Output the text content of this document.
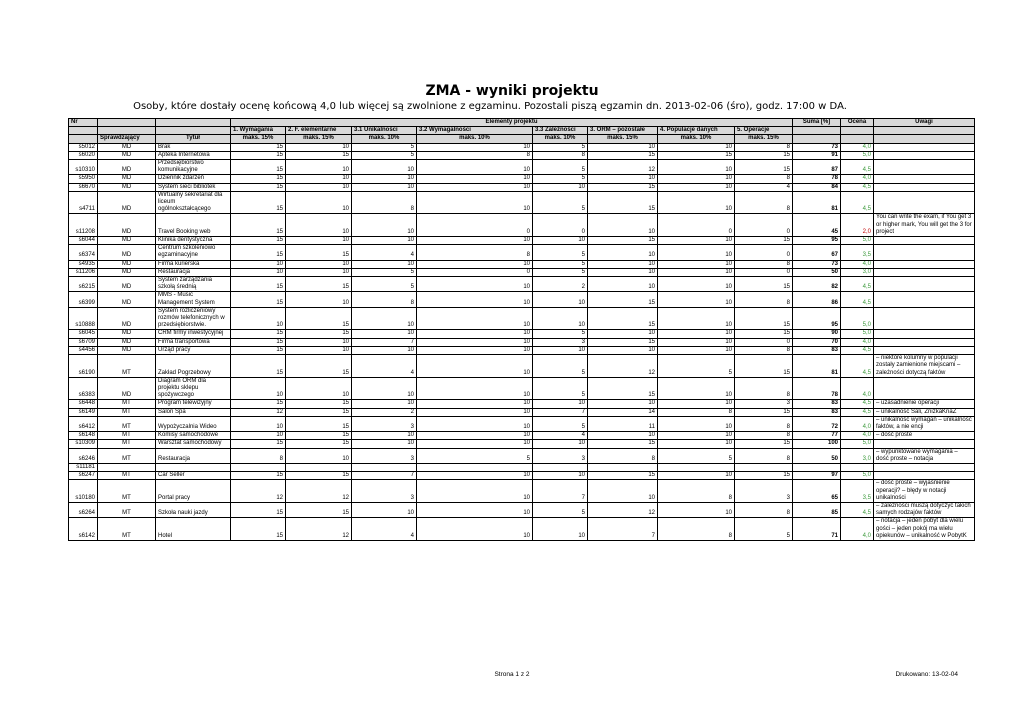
ZMA - wyniki projektu
Osoby, które dostały ocenę końcową 4,0 lub więcej są zwolnione z egzaminu. Pozostali piszą egzamin dn. 2013-02-06 (śro), godz. 17:00 w DA.
Nr			Elementy projektu								Suma [%]	Ocena	Uwagi
			1. Wymagania	2. F. elementarne	3.1 Unikalności	3.2 Wymagalności	3.3 Zależności	3. ORM – pozostałe	4. Populacje danych	5. Operacje			
	Sprawdzający	Tytuł	maks. 15%	maks. 15%	maks. 10%	maks. 10%	maks. 10%	maks. 15%	maks. 10%	maks. 15%			
s5012	MD	Brak	15	10	5	10	5	10	10	8	73	4,0	
s6020	MD	Apteka Internetowa	15	15	5	8	8	15	15	15	91	5,0	
s10310	MD	Przedsiębiorstwo komunikacyjne	15	10	10	10	5	12	10	15	87	4,5	
s5950	MD	Dziennik zdarzeń	15	10	10	10	5	10	10	8	78	4,0	
s6670	MD	System sieci bibliotek	15	10	10	10	10	15	10	4	84	4,5	
s4711	MD	Wirtualny sekretariat dla liceum ogólnokształcącego	15	10	8	10	5	15	10	8	81	4,5	
s11208	MD	Travel Booking web	15	10	10	0	0	10	0	0	45	2,0	You can write the exam, if You get 3 or higher mark, You will get the 3 for project
s6044	MD	Klinika dentystyczna	15	10	10	10	10	15	10	15	95	5,0	
s6374	MD	Centrum szkoleniowo egzaminacyjne	15	15	4	8	5	10	10	0	67	3,5	
s4935	MD	Firma kurierska	10	10	10	10	5	10	10	8	73	4,0	
s11206	MD	Restauracja	10	10	5	0	5	10	10	0	50	3,0	
s6215	MD	System zarządzania szkołą średnią	15	15	5	10	2	10	10	15	82	4,5	
s6399	MD	MMS - Music Management System	15	10	8	10	10	15	10	8	86	4,5	
s10888	MD	System rozliczeniowy rozmów telefonicznych w przedsiębiorstwie.	10	15	10	10	10	15	10	15	95	5,0	
s6045	MD	CRM firmy inwestycyjnej	15	15	10	10	5	10	10	15	90	5,0	
s6709	MD	Firma transportowa	15	10	7	10	3	15	10	0	70	4,0	
s4456	MD	Urząd pracy	15	10	10	10	10	10	10	8	83	4,5	
s6190	MT	Zakład Pogrzebowy	15	15	4	10	5	12	5	15	81	4,5	– niektóre kolumny w populacji zostały zamienione miejscami – zależności dotyczą faktów
s6383	MD	Diagram ORM dla projektu sklepu spożywczego	10	10	10	10	5	15	10	8	78	4,0	
s6448	MT	Program telewizyjny	15	15	10	10	10	10	10	3	83	4,5	– uzasadnienie operacji
s6149	MT	Salon Spa	12	15	2	10	7	14	8	15	83	4,5	– unikalność Sali, ZnizkaKnaZ
s6412	MT	Wypożyczalnia Wideo	10	15	3	10	5	11	10	8	72	4,0	– unikalność wymagań – unikalność faktów, a nie encji
s6148	MT	Komisy samochodowe	10	15	10	10	4	10	10	8	77	4,0	– dość proste
s10309	MT	Warsztat samochodowy	15	15	10	10	10	15	10	15	100	5,0	
s6246	MT	Restauracja	8	10	3	5	3	8	5	8	50	3,0	– wypunktowane wymagania – dość proste – notacja
s11181													
s6247	MT	Car Seller	15	15	7	10	10	15	10	15	97	5,0	
s10180	MT	Portal pracy	12	12	3	10	7	10	8	3	65	3,5	– dość proste – wyjaśnienie operacji? – błędy w notacji unikalności
s6264	MT	Szkoła nauki jazdy	15	15	10	10	5	12	10	8	85	4,5	– zależności muszą dotyczyć takich samych rodzajów faktów
s6142	MT	Hotel	15	12	4	10	10	7	8	5	71	4,0	– notacja – jeden pobyt dla wielu gości – jeden pokój ma wielu opiekunów – unikalność w PobytK
Strona 1 z 2	Drukowano: 13-02-04
